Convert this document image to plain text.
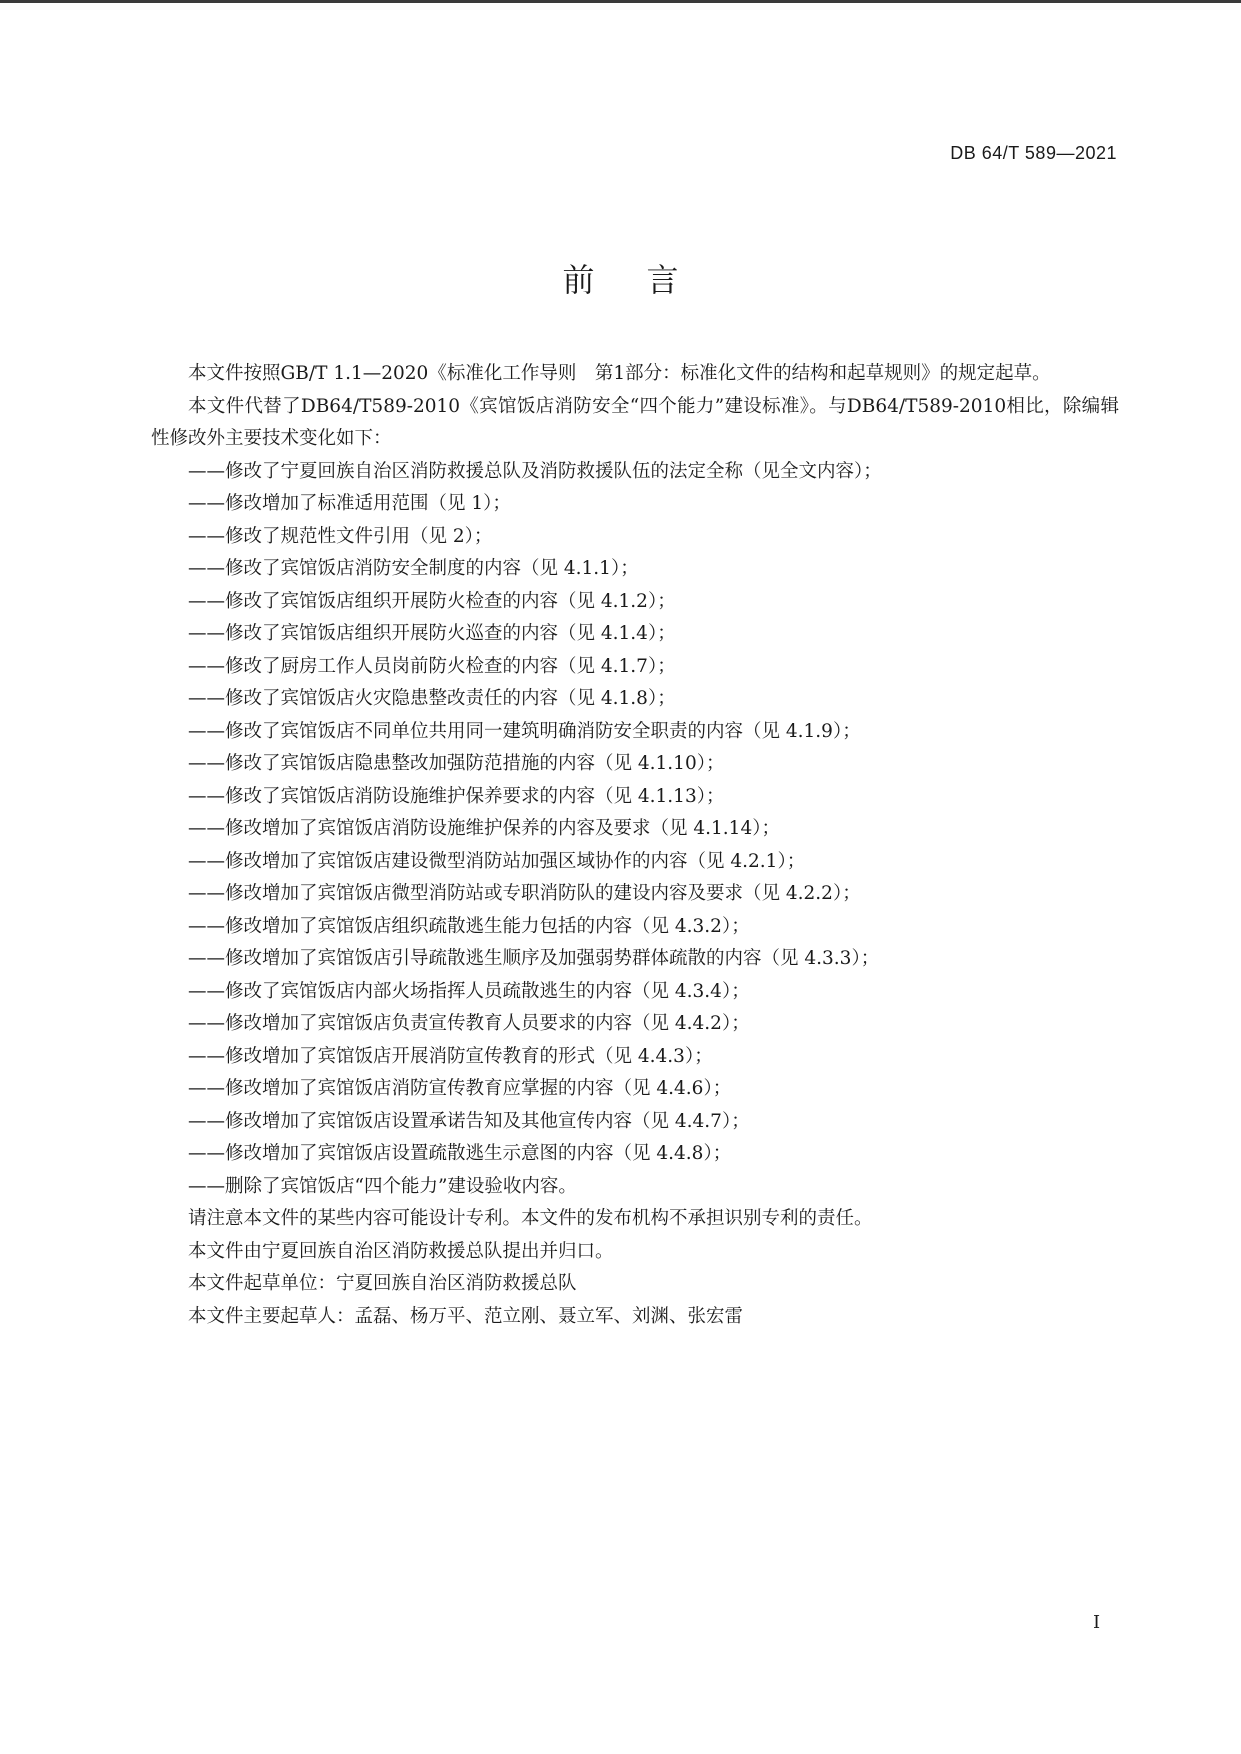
DB 64/T 589—2021
前言

本文件按照GB/T 1.1—2020《标准化工作导则　第1部分：标准化文件的结构和起草规则》的规定起草。

本文件代替了DB64/T589-2010《宾馆饭店消防安全“四个能力”建设标准》。与DB64/T589-2010相比，除编辑性修改外主要技术变化如下：

——修改了宁夏回族自治区消防救援总队及消防救援队伍的法定全称（见全文内容）；
——修改增加了标准适用范围（见 1）；
——修改了规范性文件引用（见 2）；
——修改了宾馆饭店消防安全制度的内容（见 4.1.1）；
——修改了宾馆饭店组织开展防火检查的内容（见 4.1.2）；
——修改了宾馆饭店组织开展防火巡查的内容（见 4.1.4）；
——修改了厨房工作人员岗前防火检查的内容（见 4.1.7）；
——修改了宾馆饭店火灾隐患整改责任的内容（见 4.1.8）；
——修改了宾馆饭店不同单位共用同一建筑明确消防安全职责的内容（见 4.1.9）；
——修改了宾馆饭店隐患整改加强防范措施的内容（见 4.1.10）；
——修改了宾馆饭店消防设施维护保养要求的内容（见 4.1.13）；
——修改增加了宾馆饭店消防设施维护保养的内容及要求（见 4.1.14）；
——修改增加了宾馆饭店建设微型消防站加强区域协作的内容（见 4.2.1）；
——修改增加了宾馆饭店微型消防站或专职消防队的建设内容及要求（见 4.2.2）；
——修改增加了宾馆饭店组织疏散逃生能力包括的内容（见 4.3.2）；
——修改增加了宾馆饭店引导疏散逃生顺序及加强弱势群体疏散的内容（见 4.3.3）；
——修改了宾馆饭店内部火场指挥人员疏散逃生的内容（见 4.3.4）；
——修改增加了宾馆饭店负责宣传教育人员要求的内容（见 4.4.2）；
——修改增加了宾馆饭店开展消防宣传教育的形式（见 4.4.3）；
——修改增加了宾馆饭店消防宣传教育应掌握的内容（见 4.4.6）；
——修改增加了宾馆饭店设置承诺告知及其他宣传内容（见 4.4.7）；
——修改增加了宾馆饭店设置疏散逃生示意图的内容（见 4.4.8）；
——删除了宾馆饭店“四个能力”建设验收内容。

请注意本文件的某些内容可能设计专利。本文件的发布机构不承担识别专利的责任。

本文件由宁夏回族自治区消防救援总队提出并归口。

本文件起草单位：宁夏回族自治区消防救援总队

本文件主要起草人：孟磊、杨万平、范立刚、聂立军、刘渊、张宏雷

I
